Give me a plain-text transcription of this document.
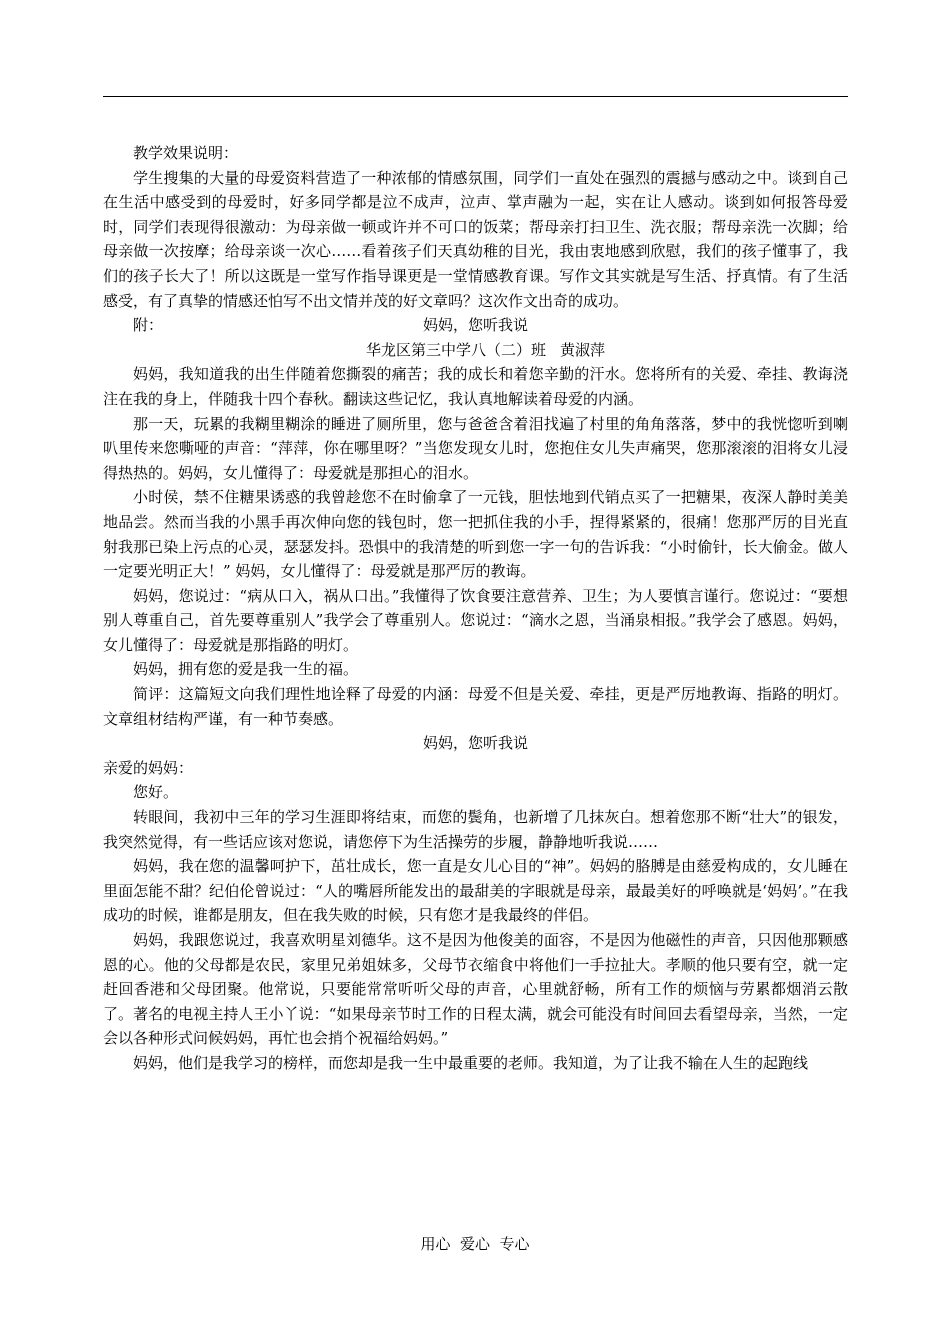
教学效果说明：

学生搜集的大量的母爱资料营造了一种浓郁的情感氛围，同学们一直处在强烈的震撼与感动之中。谈到自己在生活中感受到的母爱时，好多同学都是泣不成声，泣声、掌声融为一起，实在让人感动。谈到如何报答母爱时，同学们表现得很激动：为母亲做一顿或许并不可口的饭菜；帮母亲打扫卫生、洗衣服；帮母亲洗一次脚；给母亲做一次按摩；给母亲谈一次心……看着孩子们天真幼稚的目光，我由衷地感到欣慰，我们的孩子懂事了，我们的孩子长大了！所以这既是一堂写作指导课更是一堂情感教育课。写作文其实就是写生活、抒真情。有了生活感受，有了真挚的情感还怕写不出文情并茂的好文章吗？这次作文出奇的成功。

附：	妈妈，您听我说

华龙区第三中学八（二）班 黄淑萍

妈妈，我知道我的出生伴随着您撕裂的痛苦；我的成长和着您辛勤的汗水。您将所有的关爱、牵挂、教诲浇注在我的身上，伴随我十四个春秋。翻读这些记忆，我认真地解读着母爱的内涵。

那一天，玩累的我糊里糊涂的睡进了厕所里，您与爸爸含着泪找遍了村里的角角落落，梦中的我恍惚听到喇叭里传来您嘶哑的声音：“萍萍，你在哪里呀？”当您发现女儿时，您抱住女儿失声痛哭，您那滚滚的泪将女儿浸得热热的。妈妈，女儿懂得了：母爱就是那担心的泪水。

小时侯，禁不住糖果诱惑的我曾趁您不在时偷拿了一元钱，胆怯地到代销点买了一把糖果，夜深人静时美美地品尝。然而当我的小黑手再次伸向您的钱包时，您一把抓住我的小手，捏得紧紧的，很痛！您那严厉的目光直射我那已染上污点的心灵，瑟瑟发抖。恐惧中的我清楚的听到您一字一句的告诉我：“小时偷针，长大偷金。做人一定要光明正大！” 妈妈，女儿懂得了：母爱就是那严厉的教诲。

妈妈，您说过：“病从口入，祸从口出。”我懂得了饮食要注意营养、卫生；为人要慎言谨行。您说过：“要想别人尊重自己，首先要尊重别人”我学会了尊重别人。您说过：“滴水之恩，当涌泉相报。”我学会了感恩。妈妈，女儿懂得了：母爱就是那指路的明灯。

妈妈，拥有您的爱是我一生的福。

简评：这篇短文向我们理性地诠释了母爱的内涵：母爱不但是关爱、牵挂，更是严厉地教诲、指路的明灯。文章组材结构严谨，有一种节奏感。

妈妈，您听我说

亲爱的妈妈：

您好。

转眼间，我初中三年的学习生涯即将结束，而您的鬓角，也新增了几抹灰白。想着您那不断“壮大”的银发，我突然觉得，有一些话应该对您说，请您停下为生活操劳的步履，静静地听我说……

妈妈，我在您的温馨呵护下，茁壮成长，您一直是女儿心目的“神”。妈妈的胳膊是由慈爱构成的，女儿睡在里面怎能不甜？纪伯伦曾说过：“人的嘴唇所能发出的最甜美的字眼就是母亲，最最美好的呼唤就是‘妈妈’。”在我成功的时候，谁都是朋友，但在我失败的时候，只有您才是我最终的伴侣。

妈妈，我跟您说过，我喜欢明星刘德华。这不是因为他俊美的面容，不是因为他磁性的声音，只因他那颗感恩的心。他的父母都是农民，家里兄弟姐妹多，父母节衣缩食中将他们一手拉扯大。孝顺的他只要有空，就一定赶回香港和父母团聚。他常说，只要能常常听听父母的声音，心里就舒畅，所有工作的烦恼与劳累都烟消云散了。著名的电视主持人王小丫说：“如果母亲节时工作的日程太满，就会可能没有时间回去看望母亲，当然，一定会以各种形式问候妈妈，再忙也会捎个祝福给妈妈。”

妈妈，他们是我学习的榜样，而您却是我一生中最重要的老师。我知道，为了让我不输在人生的起跑线

用心  爱心  专心
